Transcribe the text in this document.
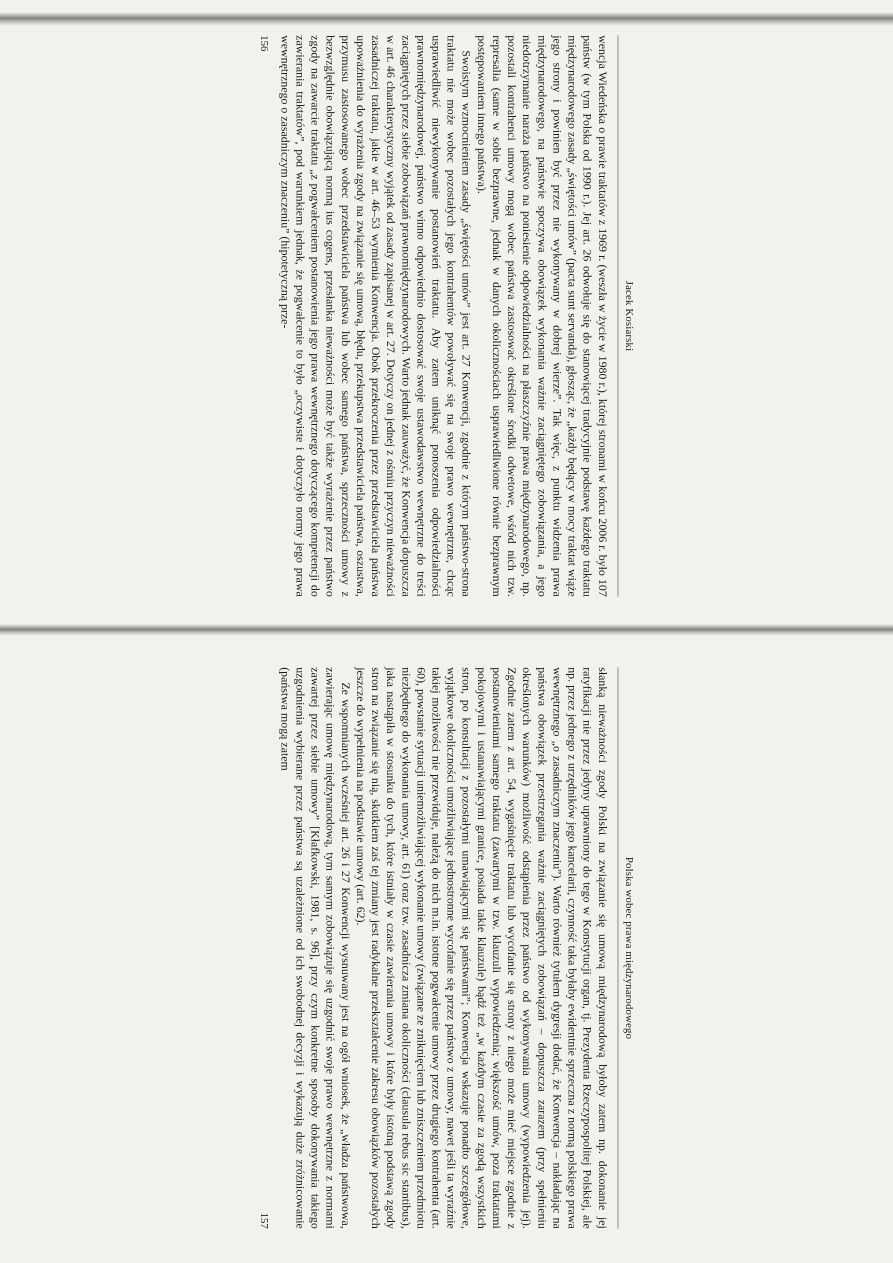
Jacek Kosiarski

wencja Wiedeńska o prawie traktatów z 1969 r. (weszła w życie w 1980 r.), której stronami w końcu 2006 r. było 107 państw (w tym Polska od 1990 r.). Jej art. 26 odwołuje się do stanowiącej tradycyjnie podstawę każdego traktatu międzynarodowego zasady „świętości umów” (pacta sunt servanda), głosząc, że „każdy będący w mocy traktat wiąże jego strony i powinien być przez nie wykonywany w dobrej wierze”. Tak więc, z punktu widzenia prawa międzynarodowego, na państwie spoczywa obowiązek wykonania ważnie zaciągniętego zobowiązania, a jego niedotrzymanie naraża państwo na poniesienie odpowiedzialności na płaszczyźnie prawa międzynarodowego, np. pozostali kontrahenci umowy mogą wobec państwa zastosować określone środki odwetowe, wśród nich tzw. represalia (same w sobie bezprawne, jednak w danych okolicznościach usprawiedliwione równie bezprawnym postępowaniem innego państwa).

Swoistym wzmocnieniem zasady „świętości umów” jest art. 27 Konwencji, zgodnie z którym państwo-strona traktatu nie może wobec pozostałych jego kontrahentów powoływać się na swoje prawo wewnętrzne, chcąc usprawiedliwić niewykonywanie postanowień traktatu. Aby zatem uniknąć ponoszenia odpowiedzialności prawnomiędzynarodowej, państwo winno odpowiednio dostosować swoje ustawodawstwo wewnętrzne do treści zaciągniętych przez siebie zobowiązań prawnomiędzynarodowych. Warto jednak zauważyć, że Konwencja dopuszcza w art. 46 charakterystyczny wyjątek od zasady zapisanej w art. 27. Dotyczy on jednej z ośmiu przyczyn nieważności zasadniczej traktatu, jakie w art. 46–53 wymienia Konwencja. Obok przekroczenia przez przedstawiciela państwa upoważnienia do wyrażenia zgody na związanie się umową, błędu, przekupstwa przedstawiciela państwa, oszustwa, przymusu zastosowanego wobec przedstawiciela państwa lub wobec samego państwa, sprzeczności umowy z bezwzględnie obowiązującą normą ius cogens, przesłanka nieważności może być także wyrażenie przez państwo zgody na zawarcie traktatu „z pogwałceniem postanowienia jego prawa wewnętrznego dotyczącego kompetencji do zawierania traktatów”, pod warunkiem jednak, że pogwałcenie to było „oczywiste i dotyczyło normy jego prawa wewnętrznego o zasadniczym znaczeniu” (hipotetyczną prze-

156
Polska wobec prawa międzynarodowego

słanką nieważności zgody Polski na związanie się umową międzynarodową byłoby zatem np. dokonanie jej ratyfikacji nie przez jedyny uprawniony do tego w Konstytucji organ, tj. Prezydenta Rzeczypospolitej Polskiej, ale np. przez jednego z urzędników jego kancelarii, czynność taka byłaby ewidentnie sprzeczna z normą polskiego prawa wewnętrznego „o zasadniczym znaczeniu”). Warto również tytułem dygresji dodać, że Konwencja – nakładając na państwa obowiązek przestrzegania ważnie zaciągniętych zobowiązań – dopuszcza zarazem (przy spełnieniu określonych warunków) możliwość odstąpienia przez państwo od wykonywania umowy (wypowiedzenia jej). Zgodnie zatem z art. 54, wygaśnięcie traktatu lub wycofanie się strony z niego może mieć miejsce zgodnie z postanowieniami samego traktatu (zawartymi w tzw. klauzuli wypowiedzenia; większość umów, poza traktatami pokojowymi i ustanawiającymi granice, posiada takie klauzule) bądź też „w każdym czasie za zgodą wszystkich stron, po konsultacji z pozostałymi umawiającymi się państwami”; Konwencja wskazuje ponadto szczegółowe, wyjątkowe okoliczności umożliwiające jednostronne wycofanie się przez państwo z umowy, nawet jeśli ta wyraźnie takiej możliwości nie przewiduje, należą do nich m.in. istotne pogwałcenie umowy przez drugiego kontrahenta (art. 60), powstanie sytuacji uniemożliwiającej wykonanie umowy (związane ze zniknięciem lub zniszczeniem przedmiotu niezbędnego do wykonania umowy, art. 61) oraz tzw. zasadnicza zmiana okoliczności (clausula rebus sic stantibus), jaka nastąpiła w stosunku do tych, które istniały w czasie zawierania umowy i które były istotną podstawą zgody stron na związanie się nią, skutkiem zaś tej zmiany jest radykalne przekształcenie zakresu obowiązków pozostałych jeszcze do wypełnienia na podstawie umowy (art. 62).

Ze wspomnianych wcześniej art. 26 i 27 Konwencji wysnuwany jest na ogół wniosek, że „władza państwowa, zawierając umowę międzynarodową, tym samym zobowiązuje się uzgodnić swoje prawo wewnętrzne z normami zawartej przez siebie umowy” [Kłafkowski, 1981, s. 96], przy czym konkretne sposoby dokonywania takiego uzgodnienia wybierane przez państwa są uzależnione od ich swobodnej decyzji i wykazują duże zróżnicowanie (państwa mogą zatem

157
